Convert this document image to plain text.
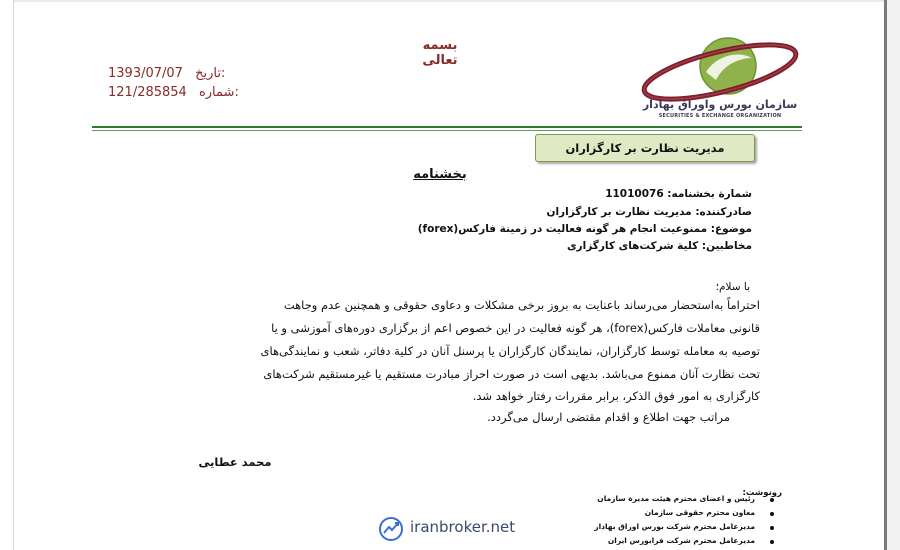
بسمه تعالی
1393/07/07 تاریخ:
121/285854 شماره:
سازمان بورس واوراق بهادار
SECURITIES & EXCHANGE ORGANIZATION
مدیریت نظارت بر کارگزاران
بخشنامه
شمارة بخشنامه: 11010076
صادرکننده: مدیریت نظارت بر کارگزاران
موضوع: ممنوعیت انجام هر گونه فعالیت در زمینة فارکس(forex)
مخاطبین: کلیة شرکت‌های کارگزاری
با سلام؛
احتراماً به‌استحضار می‌رساند باعنایت به بروز برخی مشکلات و دعاوی حقوقی و همچنین عدم وجاهت
قانونی معاملات فارکس(forex)، هر گونه فعالیت در این خصوص اعم از برگزاری دوره‌های آموزشی و یا
توصیه به معامله توسط کارگزاران، نمایندگان کارگزاران یا پرسنل آنان در کلیة دفاتر، شعب و نمایندگی‌های
تحت نظارت آنان ممنوع می‌باشد. بدیهی است در صورت احراز مبادرت مستقیم یا غیرمستقیم شرکت‌های
کارگزاری به امور فوق الذکر، برابر مقررات رفتار خواهد شد.
مراتب جهت اطلاع و اقدام مقتضی ارسال می‌گردد.
محمد عطایی
رونوشت:
رئیس و اعضای محترم هیئت مدیرة سازمان
معاون محترم حقوقی سازمان
مدیرعامل محترم شرکت بورس اوراق بهادار
مدیرعامل محترم شرکت فرابورس ایران
iranbroker.net
